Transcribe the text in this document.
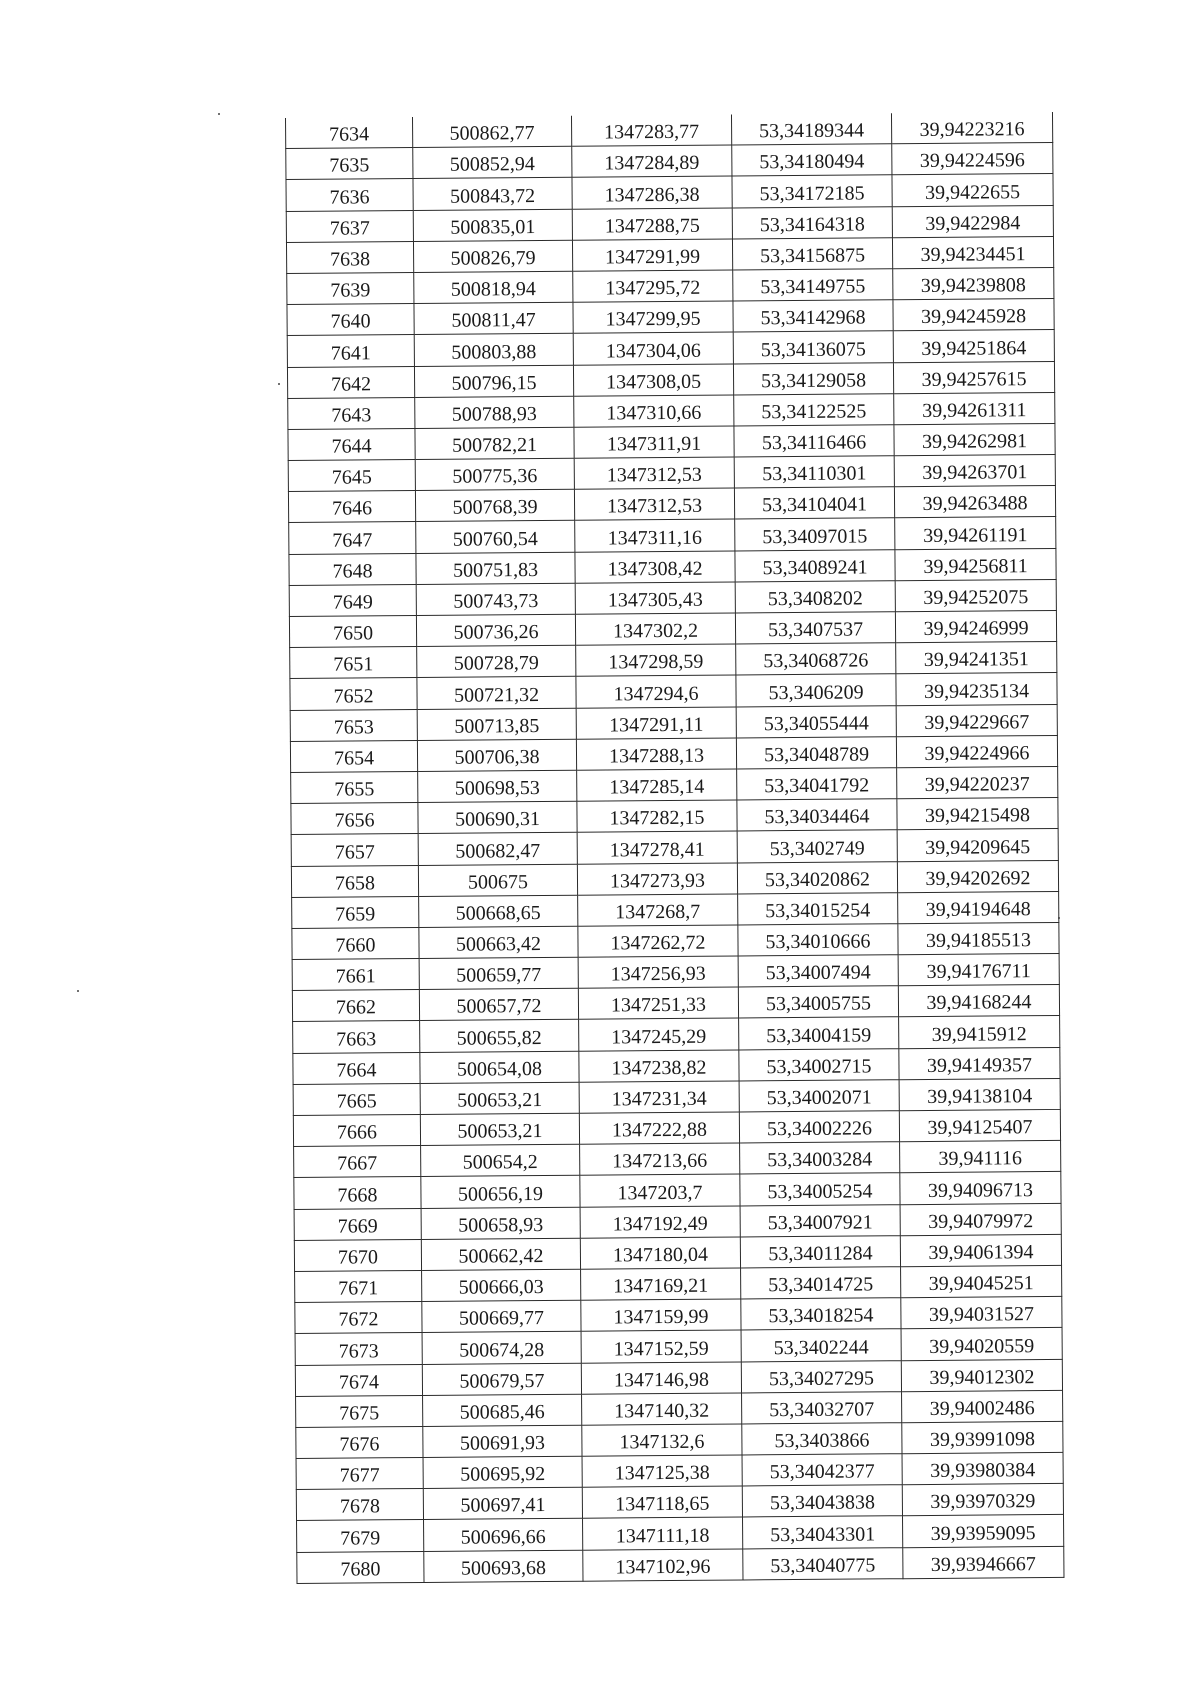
7634	500862,77	1347283,77	53,34189344	39,94223216
7635	500852,94	1347284,89	53,34180494	39,94224596
7636	500843,72	1347286,38	53,34172185	39,9422655
7637	500835,01	1347288,75	53,34164318	39,9422984
7638	500826,79	1347291,99	53,34156875	39,94234451
7639	500818,94	1347295,72	53,34149755	39,94239808
7640	500811,47	1347299,95	53,34142968	39,94245928
7641	500803,88	1347304,06	53,34136075	39,94251864
7642	500796,15	1347308,05	53,34129058	39,94257615
7643	500788,93	1347310,66	53,34122525	39,94261311
7644	500782,21	1347311,91	53,34116466	39,94262981
7645	500775,36	1347312,53	53,34110301	39,94263701
7646	500768,39	1347312,53	53,34104041	39,94263488
7647	500760,54	1347311,16	53,34097015	39,94261191
7648	500751,83	1347308,42	53,34089241	39,94256811
7649	500743,73	1347305,43	53,3408202	39,94252075
7650	500736,26	1347302,2	53,3407537	39,94246999
7651	500728,79	1347298,59	53,34068726	39,94241351
7652	500721,32	1347294,6	53,3406209	39,94235134
7653	500713,85	1347291,11	53,34055444	39,94229667
7654	500706,38	1347288,13	53,34048789	39,94224966
7655	500698,53	1347285,14	53,34041792	39,94220237
7656	500690,31	1347282,15	53,34034464	39,94215498
7657	500682,47	1347278,41	53,3402749	39,94209645
7658	500675	1347273,93	53,34020862	39,94202692
7659	500668,65	1347268,7	53,34015254	39,94194648
7660	500663,42	1347262,72	53,34010666	39,94185513
7661	500659,77	1347256,93	53,34007494	39,94176711
7662	500657,72	1347251,33	53,34005755	39,94168244
7663	500655,82	1347245,29	53,34004159	39,9415912
7664	500654,08	1347238,82	53,34002715	39,94149357
7665	500653,21	1347231,34	53,34002071	39,94138104
7666	500653,21	1347222,88	53,34002226	39,94125407
7667	500654,2	1347213,66	53,34003284	39,941116
7668	500656,19	1347203,7	53,34005254	39,94096713
7669	500658,93	1347192,49	53,34007921	39,94079972
7670	500662,42	1347180,04	53,34011284	39,94061394
7671	500666,03	1347169,21	53,34014725	39,94045251
7672	500669,77	1347159,99	53,34018254	39,94031527
7673	500674,28	1347152,59	53,3402244	39,94020559
7674	500679,57	1347146,98	53,34027295	39,94012302
7675	500685,46	1347140,32	53,34032707	39,94002486
7676	500691,93	1347132,6	53,3403866	39,93991098
7677	500695,92	1347125,38	53,34042377	39,93980384
7678	500697,41	1347118,65	53,34043838	39,93970329
7679	500696,66	1347111,18	53,34043301	39,93959095
7680	500693,68	1347102,96	53,34040775	39,93946667
